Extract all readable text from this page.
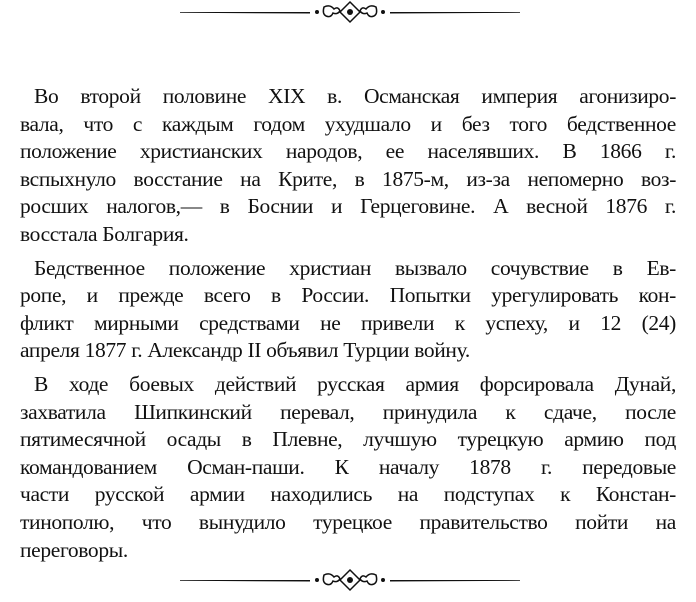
Во второй половине XIX в. Османская империя агонизиро-
вала, что с каждым годом ухудшало и без того бедственное
положение христианских народов, ее населявших. В 1866 г.
вспыхнуло восстание на Крите, в 1875-м, из-за непомерно воз-
росших налогов,— в Боснии и Герцеговине. А весной 1876 г.
восстала Болгария.

Бедственное положение христиан вызвало сочувствие в Ев-
ропе, и прежде всего в России. Попытки урегулировать кон-
фликт мирными средствами не привели к успеху, и 12 (24)
апреля 1877 г. Александр II объявил Турции войну.

В ходе боевых действий русская армия форсировала Дунай,
захватила Шипкинский перевал, принудила к сдаче, после
пятимесячной осады в Плевне, лучшую турецкую армию под
командованием Осман-паши. К началу 1878 г. передовые
части русской армии находились на подступах к Констан-
тинополю, что вынудило турецкое правительство пойти на
переговоры.
